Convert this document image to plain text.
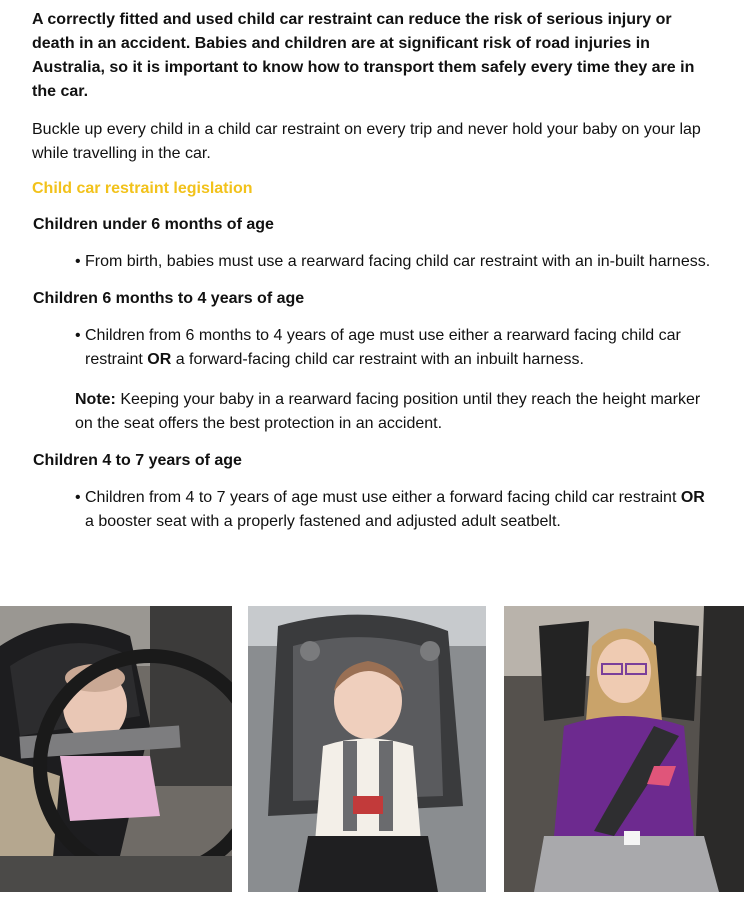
A correctly fitted and used child car restraint can reduce the risk of serious injury or death in an accident. Babies and children are at significant risk of road injuries in Australia, so it is important to know how to transport them safely every time they are in the car.

Buckle up every child in a child car restraint on every trip and never hold your baby on your lap while travelling in the car.

Child car restraint legislation

Children under 6 months of age

• From birth, babies must use a rearward facing child car restraint with an in-built harness.

Children 6 months to 4 years of age

• Children from 6 months to 4 years of age must use either a rearward facing child car restraint OR a forward-facing child car restraint with an inbuilt harness.

Note: Keeping your baby in a rearward facing position until they reach the height marker on the seat offers the best protection in an accident.

Children 4 to 7 years of age

• Children from 4 to 7 years of age must use either a forward facing child car restraint OR a booster seat with a properly fastened and adjusted adult seatbelt.
